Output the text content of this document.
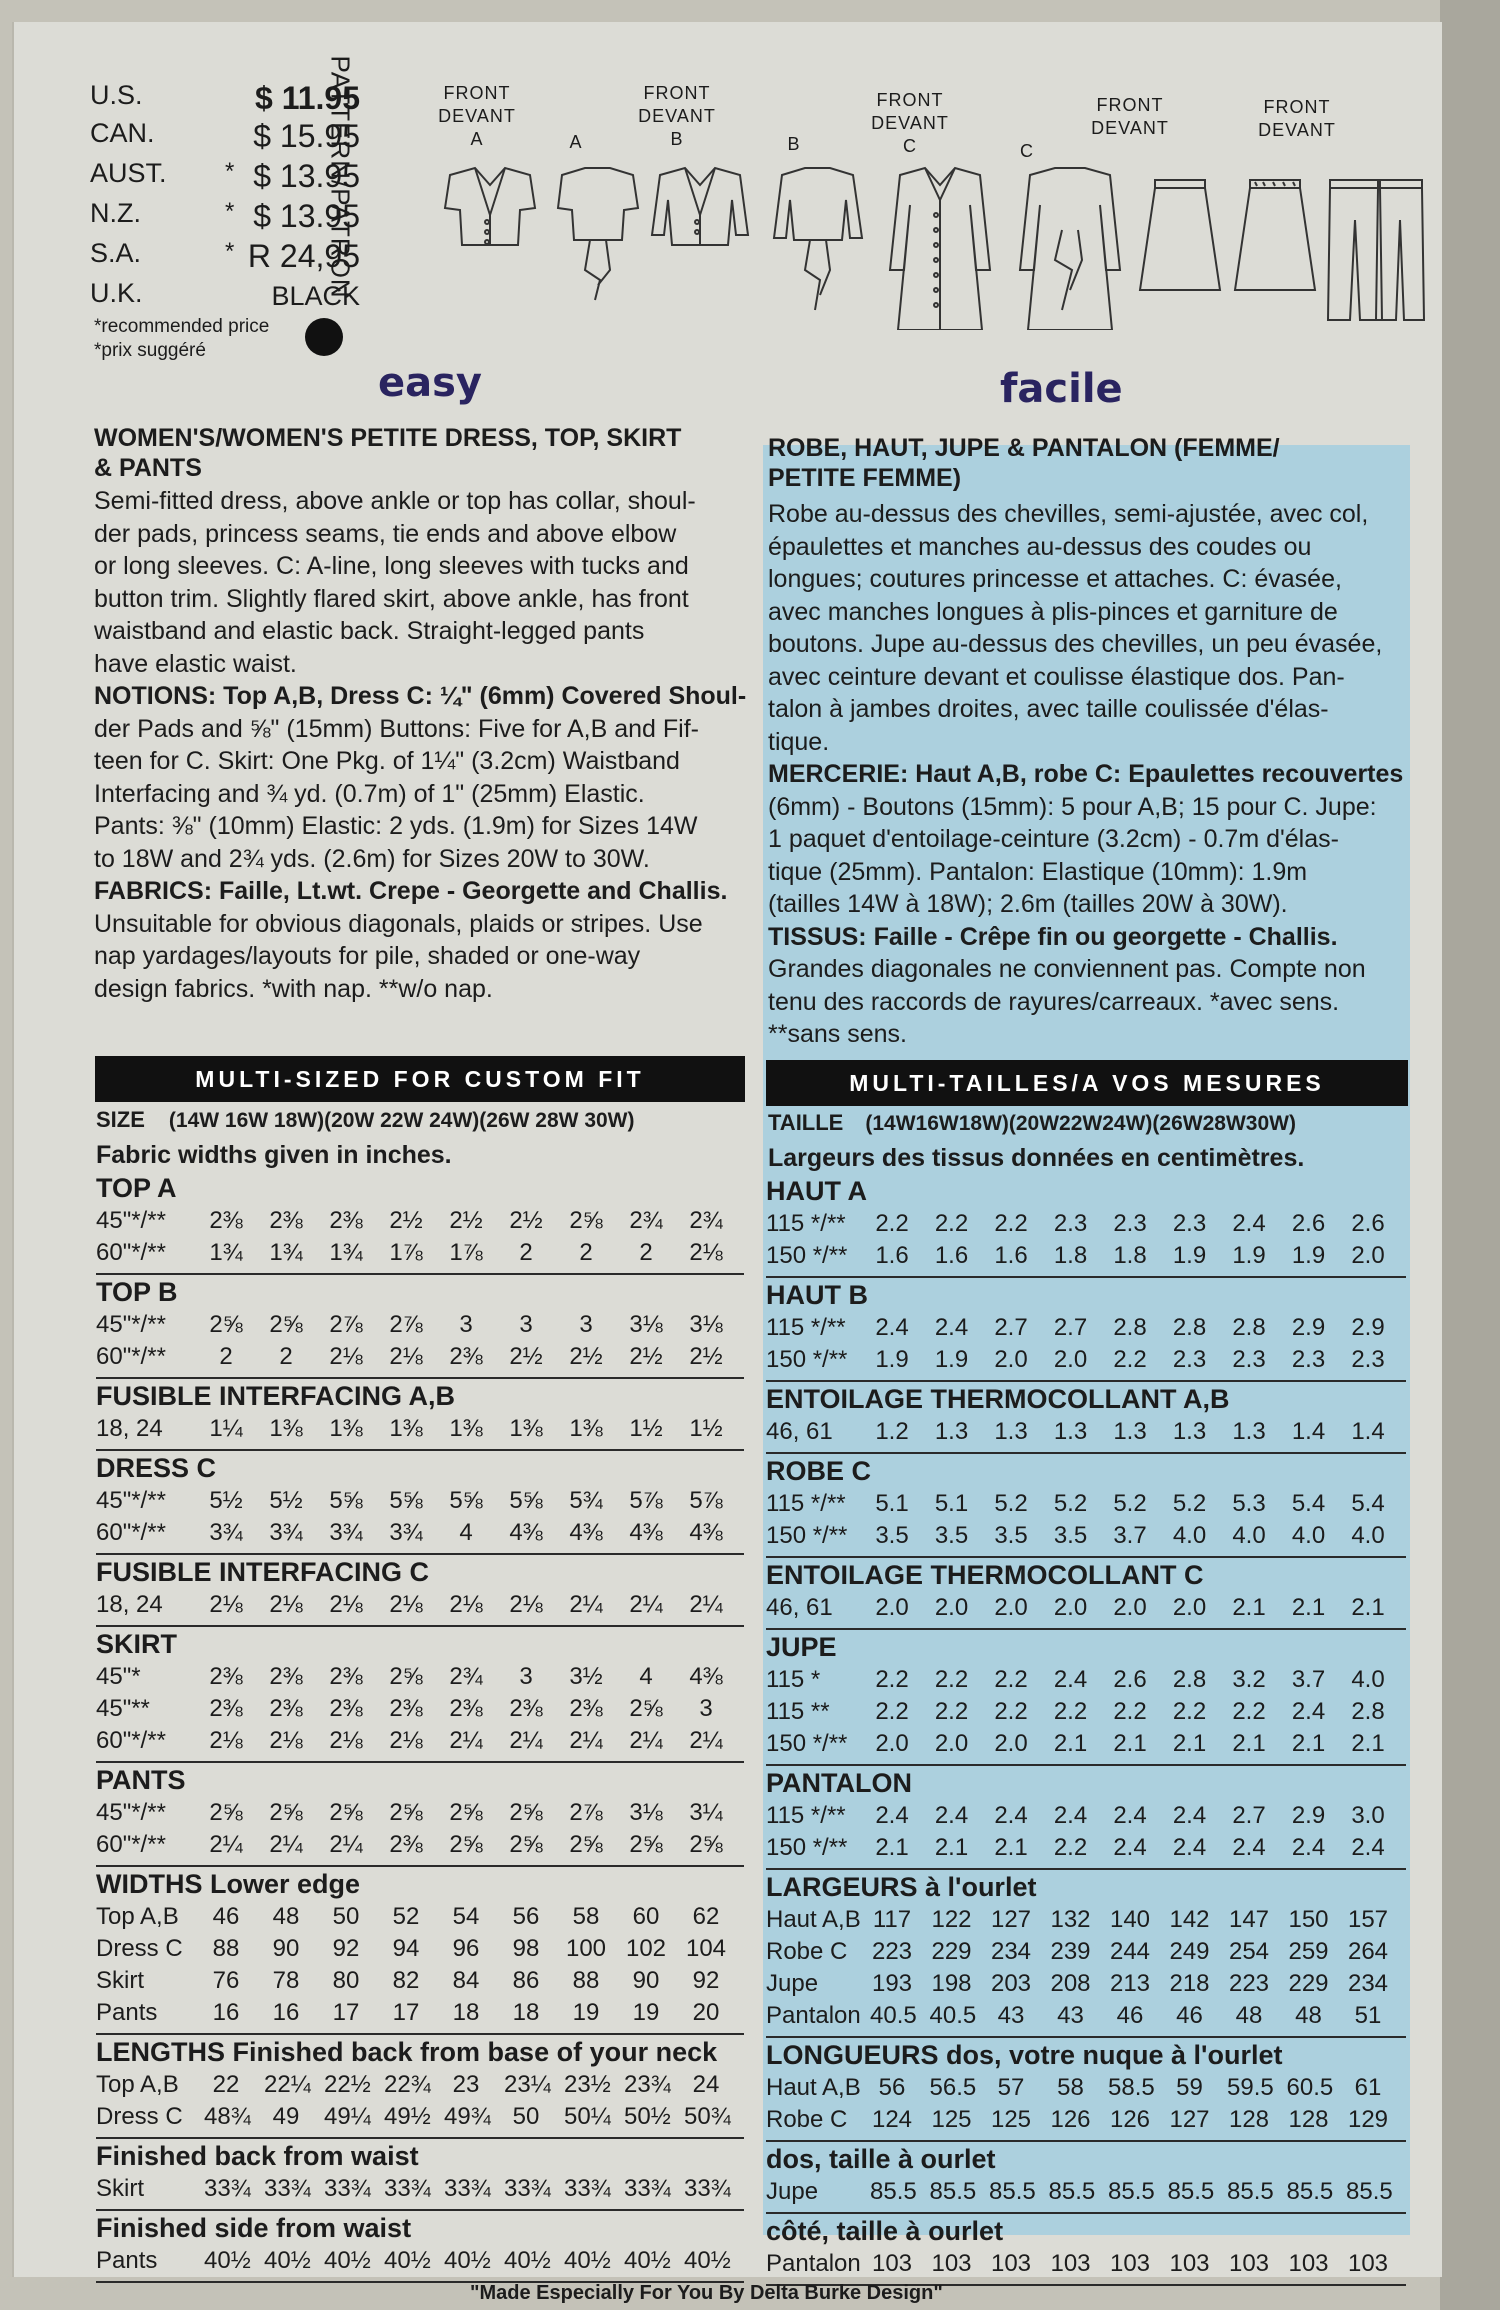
U.S.	$ 11.95
CAN.	$ 15.95
AUST. * $ 13.95
N.Z.	* $ 13.95
S.A.	* R 24,95
U.K.	BLACK
PATTERN/PATRON
*recommended price
*prix suggéré
FRONT
DEVANT
A	A
FRONT
DEVANT
B	B
FRONT
DEVANT
C	C
FRONT
DEVANT
FRONT
DEVANT
easy	facile
WOMEN'S/WOMEN'S PETITE DRESS, TOP, SKIRT
& PANTS
Semi-fitted dress, above ankle or top has collar, shoul-
der pads, princess seams, tie ends and above elbow
or long sleeves. C: A-line, long sleeves with tucks and
button trim. Slightly flared skirt, above ankle, has front
waistband and elastic back. Straight-legged pants
have elastic waist.
NOTIONS: Top A,B, Dress C: ¼" (6mm) Covered Shoul-
der Pads and ⅝" (15mm) Buttons: Five for A,B and Fif-
teen for C. Skirt: One Pkg. of 1¼" (3.2cm) Waistband
Interfacing and ¾ yd. (0.7m) of 1" (25mm) Elastic.
Pants: ⅜" (10mm) Elastic: 2 yds. (1.9m) for Sizes 14W
to 18W and 2¾ yds. (2.6m) for Sizes 20W to 30W.
FABRICS: Faille, Lt.wt. Crepe - Georgette and Challis.
Unsuitable for obvious diagonals, plaids or stripes. Use
nap yardages/layouts for pile, shaded or one-way
design fabrics. *with nap. **w/o nap.
ROBE, HAUT, JUPE & PANTALON (FEMME/
PETITE FEMME)
Robe au-dessus des chevilles, semi-ajustée, avec col,
épaulettes et manches au-dessus des coudes ou
longues; coutures princesse et attaches. C: évasée,
avec manches longues à plis-pinces et garniture de
boutons. Jupe au-dessus des chevilles, un peu évasée,
avec ceinture devant et coulisse élastique dos. Pan-
talon à jambes droites, avec taille coulissée d'élas-
tique.
MERCERIE: Haut A,B, robe C: Epaulettes recouvertes
(6mm) - Boutons (15mm): 5 pour A,B; 15 pour C. Jupe:
1 paquet d'entoilage-ceinture (3.2cm) - 0.7m d'élas-
tique (25mm). Pantalon: Elastique (10mm): 1.9m
(tailles 14W à 18W); 2.6m (tailles 20W à 30W).
TISSUS: Faille - Crêpe fin ou georgette - Challis.
Grandes diagonales ne conviennent pas. Compte non
tenu des raccords de rayures/carreaux. *avec sens.
**sans sens.
MULTI-SIZED FOR CUSTOM FIT	MULTI-TAILLES/A VOS MESURES
SIZE (14W 16W 18W)(20W 22W 24W)(26W 28W 30W)	TAILLE (14W16W18W)(20W22W24W)(26W28W30W)
Fabric widths given in inches.	Largeurs des tissus données en centimètres.
TOP A
45"*/** 2⅜ 2⅜ 2⅜ 2½ 2½ 2½ 2⅝ 2¾ 2¾
60"*/** 1¾ 1¾ 1¾ 1⅞ 1⅞	2	2	2	2⅛
TOP B
45"*/** 2⅝ 2⅝ 2⅞ 2⅞	3	3	3	3⅛ 3⅛
60"*/**	2	2	2⅛ 2⅛ 2⅜ 2½ 2½ 2½ 2½
FUSIBLE INTERFACING A,B
18, 24 1¼ 1⅜ 1⅜ 1⅜ 1⅜ 1⅜ 1⅜ 1½ 1½
DRESS C
45"*/** 5½ 5½ 5⅝ 5⅝ 5⅝ 5⅝ 5¾ 5⅞ 5⅞
60"*/** 3¾ 3¾ 3¾ 3¾	4	4⅜ 4⅜ 4⅜ 4⅜
FUSIBLE INTERFACING C
18, 24 2⅛ 2⅛ 2⅛ 2⅛ 2⅛ 2⅛ 2¼ 2¼ 2¼
SKIRT
45"*	2⅜ 2⅜ 2⅜ 2⅝ 2¾	3	3½	4	4⅜
45"** 2⅜ 2⅜ 2⅜ 2⅜ 2⅜ 2⅜ 2⅜ 2⅝	3
60"*/** 2⅛ 2⅛ 2⅛ 2⅛ 2¼ 2¼ 2¼ 2¼ 2¼
PANTS
45"*/** 2⅝ 2⅝ 2⅝ 2⅝ 2⅝ 2⅝ 2⅞ 3⅛ 3¼
60"*/** 2¼ 2¼ 2¼ 2⅜ 2⅝ 2⅝ 2⅝ 2⅝ 2⅝
WIDTHS Lower edge
Top A,B	46	48	50	52	54	56	58	60	62
Dress C	88	90	92	94	96	98	100 102 104
Skirt	76	78	80	82	84	86	88	90	92
Pants	16	16	17	17	18	18	19	19	20
LENGTHS Finished back from base of your neck
Top A,B	22	22¼ 22½ 22¾ 23	23¼ 23½ 23¾ 24
Dress C 48¾ 49	49¼ 49½ 49¾ 50	50¼ 50½ 50¾
Finished back from waist
Skirt	33¾ 33¾ 33¾ 33¾ 33¾ 33¾ 33¾ 33¾ 33¾
Finished side from waist
Pants 40½ 40½ 40½ 40½ 40½ 40½ 40½ 40½ 40½
HAUT A
115 */** 2.2 2.2 2.2 2.3 2.3 2.3 2.4 2.6 2.6
150 */** 1.6 1.6 1.6 1.8 1.8 1.9 1.9 1.9 2.0
HAUT B
115 */** 2.4 2.4 2.7 2.7 2.8 2.8 2.8 2.9 2.9
150 */** 1.9 1.9 2.0 2.0 2.2 2.3 2.3 2.3 2.3
ENTOILAGE THERMOCOLLANT A,B
46, 61 1.2 1.3 1.3 1.3 1.3 1.3 1.3 1.4 1.4
ROBE C
115 */** 5.1 5.1 5.2 5.2 5.2 5.2 5.3 5.4 5.4
150 */** 3.5 3.5 3.5 3.5 3.7 4.0 4.0 4.0 4.0
ENTOILAGE THERMOCOLLANT C
46, 61 2.0 2.0 2.0 2.0 2.0 2.0 2.1 2.1 2.1
JUPE
115 * 2.2 2.2 2.2 2.4 2.6 2.8 3.2 3.7 4.0
115 ** 2.2 2.2 2.2 2.2 2.2 2.2 2.2 2.4 2.8
150 */** 2.0 2.0 2.0 2.1 2.1 2.1 2.1 2.1 2.1
PANTALON
115 */** 2.4 2.4 2.4 2.4 2.4 2.4 2.7 2.9 3.0
150 */** 2.1 2.1 2.1 2.2 2.4 2.4 2.4 2.4 2.4
LARGEURS à l'ourlet
Haut A,B 117 122 127 132 140 142 147 150 157
Robe C 223 229 234 239 244 249 254 259 264
Jupe 193 198 203 208 213 218 223 229 234
Pantalon 40.5 40.5 43	43	46	46	48	48	51
LONGUEURS dos, votre nuque à l'ourlet
Haut A,B 56	56.5 57	58	58.5 59	59.5 60.5 61
Robe C 124 125 125 126 126 127 128 128 129
dos, taille à ourlet
Jupe 85.5 85.5 85.5 85.5 85.5 85.5 85.5 85.5 85.5
côté, taille à ourlet
Pantalon 103 103 103 103 103 103 103 103 103
"Made Especially For You By Delta Burke Design"
